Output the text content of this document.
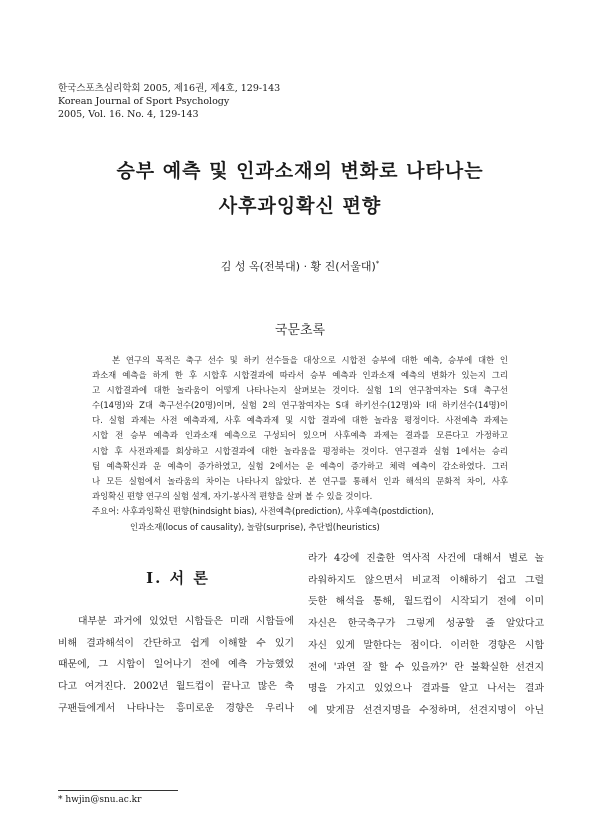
한국스포츠심리학회 2005, 제16권, 제4호, 129-143
Korean Journal of Sport Psychology
2005, Vol. 16. No. 4, 129-143
승부 예측 및 인과소재의 변화로 나타나는
사후과잉확신 편향
김 성 옥(전북대) · 황 진(서울대)*
국문초록
본 연구의 목적은 축구 선수 및 하키 선수들을 대상으로 시합전 승부에 대한 예측, 승부에 대한 인
과소재 예측을 하게 한 후 시합후 시합결과에 따라서 승부 예측과 인과소재 예측의 변화가 있는지 그리
고 시합결과에 대한 놀라움이 어떻게 나타나는지 살펴보는 것이다. 실험 1의 연구참여자는 S대 축구선
수(14명)와 Z대 축구선수(20명)이며, 실험 2의 연구참여자는 S대 하키선수(12명)와 I대 하키선수(14명)이
다. 실험 과제는 사전 예측과제, 사후 예측과제 및 시합 결과에 대한 놀라움 평정이다. 사전예측 과제는
시합 전 승부 예측과 인과소재 예측으로 구성되어 있으며 사후예측 과제는 결과를 모른다고 가정하고
시합 후 사전과제를 회상하고 시합결과에 대한 놀라움을 평정하는 것이다. 연구결과 실험 1에서는 승리
팀 예측확신과 운 예측이 증가하였고, 실험 2에서는 운 예측이 증가하고 체력 예측이 감소하였다. 그러
나 모든 실험에서 놀라움의 차이는 나타나지 않았다. 본 연구를 통해서 인과 해석의 문화적 차이, 사후
과잉확신 편향 연구의 실험 설계, 자기-봉사적 편향을 살펴 볼 수 있을 것이다.
주요어: 사후과잉확신 편향(hindsight bias), 사전예측(prediction), 사후예측(postdiction),
인과소재(locus of causality), 놀람(surprise), 추단법(heuristics)
I. 서 론
대부분 과거에 있었던 시합들은 미래 시합들에
비해 결과해석이 간단하고 쉽게 이해할 수 있기
때문에, 그 시합이 일어나기 전에 예측 가능했었
다고 여겨진다. 2002년 월드컵이 끝나고 많은 축
구팬들에게서 나타나는 흥미로운 경향은 우리나
라가 4강에 진출한 역사적 사건에 대해서 별로 놀
라워하지도 않으면서 비교적 이해하기 쉽고 그럴
듯한 해석을 통해, 월드컵이 시작되기 전에 이미
자신은 한국축구가 그렇게 성공할 줄 알았다고
자신 있게 말한다는 점이다. 이러한 경향은 시합
전에 '과연 잘 할 수 있을까?' 란 불확실한 선견지
명을 가지고 있었으나 결과를 알고 나서는 결과
에 맞게끔 선견지명을 수정하며, 선견지명이 아닌
* hwjin@snu.ac.kr
